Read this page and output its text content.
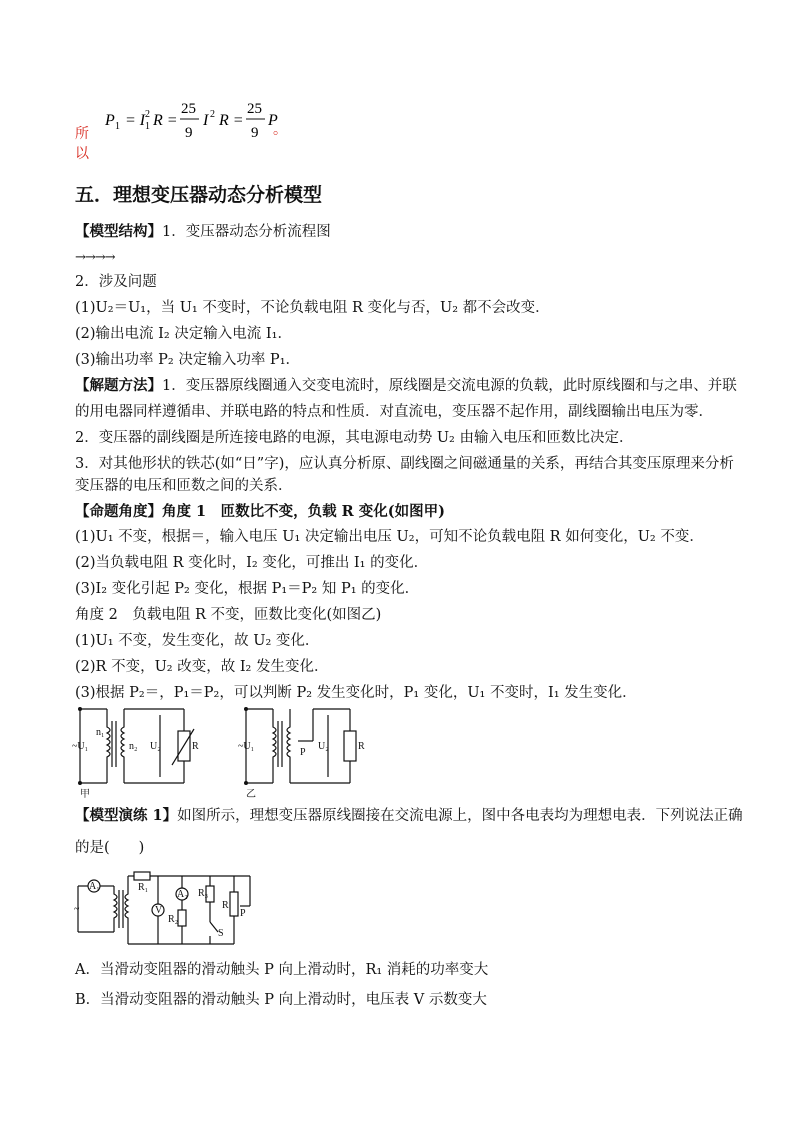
所以
P 1 = I 1
2 R =
25
9
I 2 R =
25
9
P
。
五．理想变压器动态分析模型
【模型结构】1．变压器动态分析流程图
→→→→
2．涉及问题
(1)U₂＝U₁，当 U₁ 不变时，不论负载电阻 R 变化与否，U₂ 都不会改变．
(2)输出电流 I₂ 决定输入电流 I₁．
(3)输出功率 P₂ 决定输入功率 P₁．
【解题方法】1．变压器原线圈通入交变电流时，原线圈是交流电源的负载，此时原线圈和与之串、并联
的用电器同样遵循串、并联电路的特点和性质．对直流电，变压器不起作用，副线圈输出电压为零．
2．变压器的副线圈是所连接电路的电源，其电源电动势 U₂ 由输入电压和匝数比决定．
3．对其他形状的铁芯(如“日”字)，应认真分析原、副线圈之间磁通量的关系，再结合其变压原理来分析
变压器的电压和匝数之间的关系．
【命题角度】角度 1　匝数比不变，负载 R 变化(如图甲)
(1)U₁ 不变，根据＝，输入电压 U₁ 决定输出电压 U₂，可知不论负载电阻 R 如何变化，U₂ 不变．
(2)当负载电阻 R 变化时，I₂ 变化，可推出 I₁ 的变化．
(3)I₂ 变化引起 P₂ 变化，根据 P₁＝P₂ 知 P₁ 的变化．
角度 2　负载电阻 R 不变，匝数比变化(如图乙)
(1)U₁ 不变，发生变化，故 U₂ 变化．
(2)R 不变，U₂ 改变，故 I₂ 发生变化．
(3)根据 P₂＝，P₁＝P₂，可以判断 P₂ 发生变化时，P₁ 变化，U₁ 不变时，I₁ 发生变化．
~U₁
n₁
n₂ U₂	R
甲
~U₁
P
U₂	R
乙
【模型演练 1】如图所示，理想变压器原线圈接在交流电源上，图中各电表均为理想电表．下列说法正确
的是(　　)
A₁
~
R₁
V
A₂
R₂
R₃
S
R
P
A．当滑动变阻器的滑动触头 P 向上滑动时，R₁ 消耗的功率变大
B．当滑动变阻器的滑动触头 P 向上滑动时，电压表 V 示数变大
